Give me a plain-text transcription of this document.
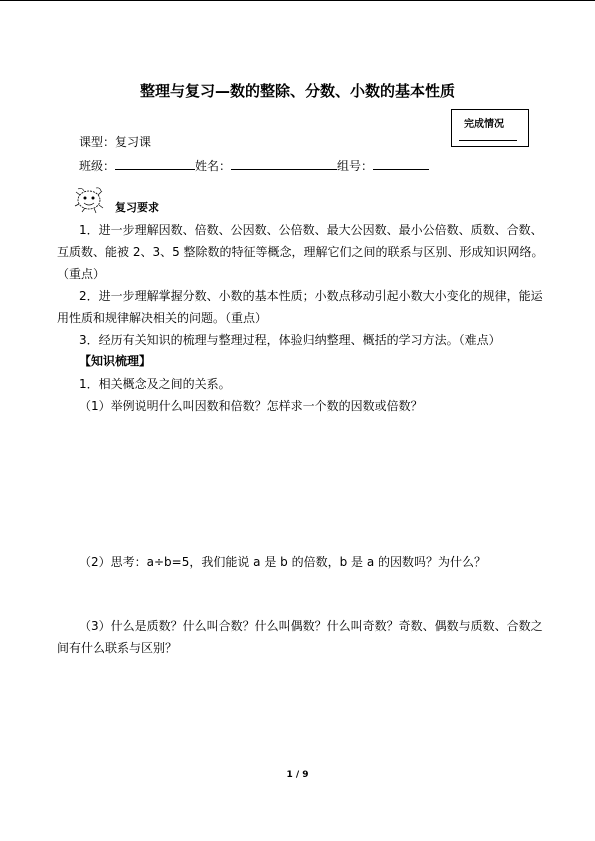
整理与复习—数的整除、分数、小数的基本性质
完成情况
课型：复习课
班级：	姓名：	组号：
复习要求
1．进一步理解因数、倍数、公因数、公倍数、最大公因数、最小公倍数、质数、合数、
互质数、能被 2、3、5 整除数的特征等概念，理解它们之间的联系与区别、形成知识网络。
（重点）
2．进一步理解掌握分数、小数的基本性质；小数点移动引起小数大小变化的规律，能运
用性质和规律解决相关的问题。（重点）
3．经历有关知识的梳理与整理过程，体验归纳整理、概括的学习方法。（难点）
【知识梳理】
1．相关概念及之间的关系。
（1）举例说明什么叫因数和倍数？怎样求一个数的因数或倍数？
（2）思考：a÷b=5，我们能说 a 是 b 的倍数，b 是 a 的因数吗？为什么？
（3）什么是质数？什么叫合数？什么叫偶数？什么叫奇数？奇数、偶数与质数、合数之
间有什么联系与区别？
1 / 9
